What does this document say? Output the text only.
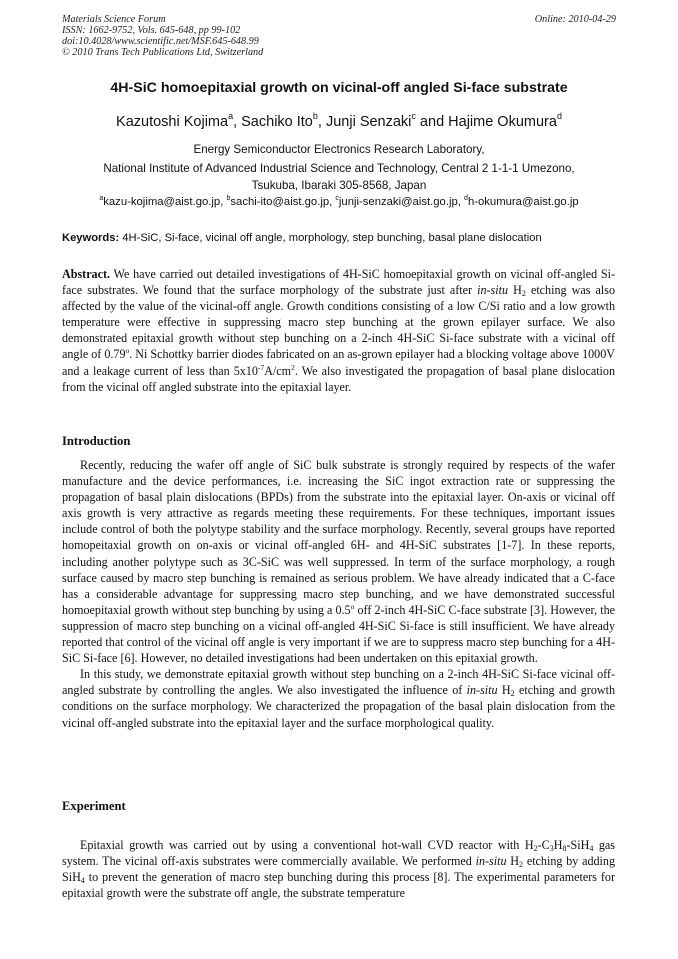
Materials Science Forum
ISSN: 1662-9752, Vols. 645-648, pp 99-102
doi:10.4028/www.scientific.net/MSF.645-648.99
© 2010 Trans Tech Publications Ltd, Switzerland
Online: 2010-04-29
4H-SiC homoepitaxial growth on vicinal-off angled Si-face substrate
Kazutoshi Kojima$^a$, Sachiko Ito$^b$, Junji Senzaki$^c$ and Hajime Okumura$^d$
Energy Semiconductor Electronics Research Laboratory,
National Institute of Advanced Industrial Science and Technology, Central 2 1-1-1 Umezono,
Tsukuba, Ibaraki 305-8568, Japan
$^a$kazu-kojima@aist.go.jp, $^b$sachi-ito@aist.go.jp, $^c$junji-senzaki@aist.go.jp, $^d$h-okumura@aist.go.jp
Keywords: 4H-SiC, Si-face, vicinal off angle, morphology, step bunching, basal plane dislocation
Abstract. We have carried out detailed investigations of 4H-SiC homoepitaxial growth on vicinal off-angled Si-face substrates. We found that the surface morphology of the substrate just after in-situ $H_2$ etching was also affected by the value of the vicinal-off angle. Growth conditions consisting of a low C/Si ratio and a low growth temperature were effective in suppressing macro step bunching at the grown epilayer surface. We also demonstrated epitaxial growth without step bunching on a 2-inch 4H-SiC Si-face substrate with a vicinal off angle of 0.79$^o$. Ni Schottky barrier diodes fabricated on an as-grown epilayer had a blocking voltage above 1000V and a leakage current of less than $5x10^{-7}A/cm^2$. We also investigated the propagation of basal plane dislocation from the vicinal off angled substrate into the epitaxial layer.
Introduction

Recently, reducing the wafer off angle of SiC bulk substrate is strongly required by respects of the wafer manufacture and the device performances, i.e. increasing the SiC ingot extraction rate or suppressing the propagation of basal plain dislocations (BPDs) from the substrate into the epitaxial layer. On-axis or vicinal off axis growth is very attractive as regards meeting these requirements. For these techniques, important issues include control of both the polytype stability and the surface morphology. Recently, several groups have reported homopeitaxial growth on on-axis or vicinal off-angled 6H- and 4H-SiC substrates [1-7]. In these reports, including another polytype such as 3C-SiC was well suppressed. In term of the surface morphology, a rough surface caused by macro step bunching is remained as serious problem. We have already indicated that a C-face has a considerable advantage for suppressing macro step bunching, and we have demonstrated successful homoepitaxial growth without step bunching by using a 0.5$^o$ off 2-inch 4H-SiC C-face substrate [3]. However, the suppression of macro step bunching on a vicinal off-angled 4H-SiC Si-face is still insufficient. We have already reported that control of the vicinal off angle is very important if we are to suppress macro step bunching for a 4H-SiC Si-face [6]. However, no detailed investigations had been undertaken on this epitaxial growth.

In this study, we demonstrate epitaxial growth without step bunching on a 2-inch 4H-SiC Si-face vicinal off-angled substrate by controlling the angles. We also investigated the influence of in-situ $H_2$ etching and growth conditions on the surface morphology. We characterized the propagation of the basal plain dislocation from the vicinal off-angled substrate into the epitaxial layer and the surface morphological quality.

Experiment

Epitaxial growth was carried out by using a conventional hot-wall CVD reactor with $H_2-C_3H_8-SiH_4$ gas system. The vicinal off-axis substrates were commercially available. We performed in-situ $H_2$ etching by adding SiH$_4$ to prevent the generation of macro step bunching during this process [8]. The experimental parameters for epitaxial growth were the substrate off angle, the substrate temperature
